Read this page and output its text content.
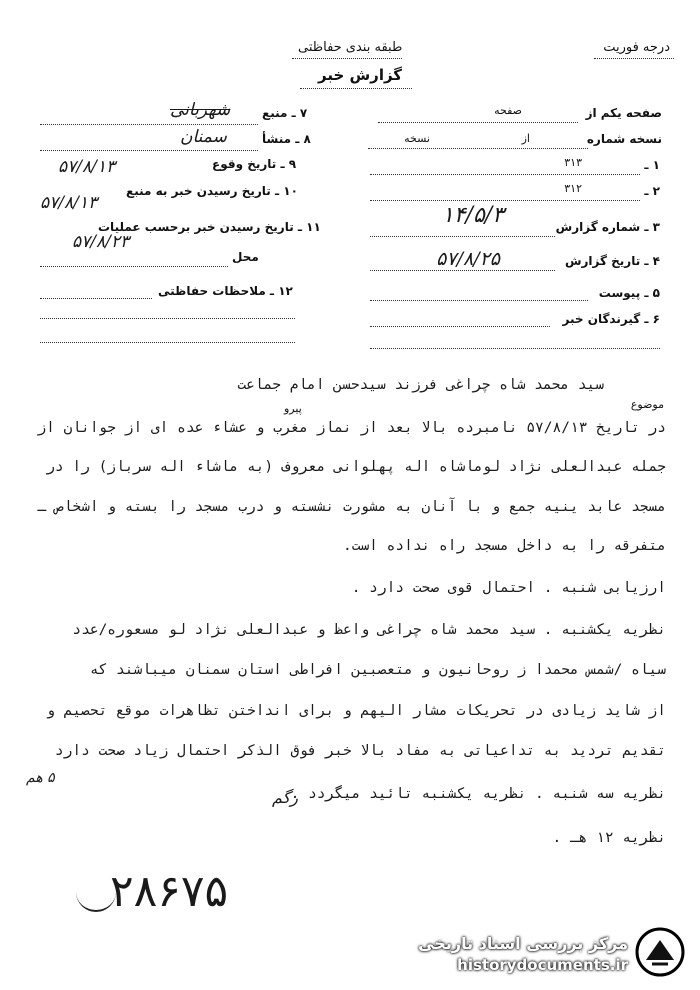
درجه فوریت
طبقه بندی حفاظتی
گزارش خبر
۷ ـ منبع
شهربانی
۸ ـ منشأ
سمنان
۹ ـ تاریخ وقوع
۵۷/۸/۱۳
۱۰ ـ تاریخ رسیدن خبر به منبع
۵۷/۸/۱۳
۱۱ ـ تاریخ رسیدن خبر برحسب عملیات
محل
۵۷/۸/۲۳
۱۲ ـ ملاحظات حفاظتی
صفحه یکم از
صفحه
نسخه شماره
از
نسخه
۱ ـ
۳۱۳
۲ ـ
۳۱۲
۳ ـ شماره گزارش
۱۴/۵/۳
۴ ـ تاریخ گزارش
۵۷/۸/۲۵
۵ ـ پیوست
۶ ـ گیرندگان خبر
موضوع
سید محمد شاه چراغی فرزند سیدحسن امام جماعت
پیرو
در تاریخ ۵۷/۸/۱۳ نامبرده بالا بعد از نماز مغرب و عشاء عده ای از جوانان از
جمله عبدالعلی نژاد لوماشاه اله پهلوانی معروف (به ماشاء اله سرباز) را در
مسجد عابد ینیه جمع و با آنان به مشورت نشسته و درب مسجد را بسته و اشخاص ـ
متفرقه را به داخل مسجد راه نداده است.
ارزیابی شنبه . احتمال قوی صحت دارد .
نظریه یکشنبه . سید محمد شاه چراغی واعظ و عبدالعلی نژاد لو مسعوره/عدد
سیاه /شمس محمدا ز روحانیون و متعصبین افراطی استان سمنان میباشند که
از شاید زیادی در تحریکات مشار الیهم و برای انداختن تظاهرات موقع تحصیم و
تقدیم تردید به تداعیاتی به مفاد بالا خبر فوق الذکر احتمال زیاد صحت دارد
نظریه سه شنبه . نظریه یکشنبه تائید میگردد .
نظریه ۱۲ هـ .
۵ هم
رگم
۲۸۶۷۵
مرکز بررسی اسناد تاریخی
historydocuments.ir
